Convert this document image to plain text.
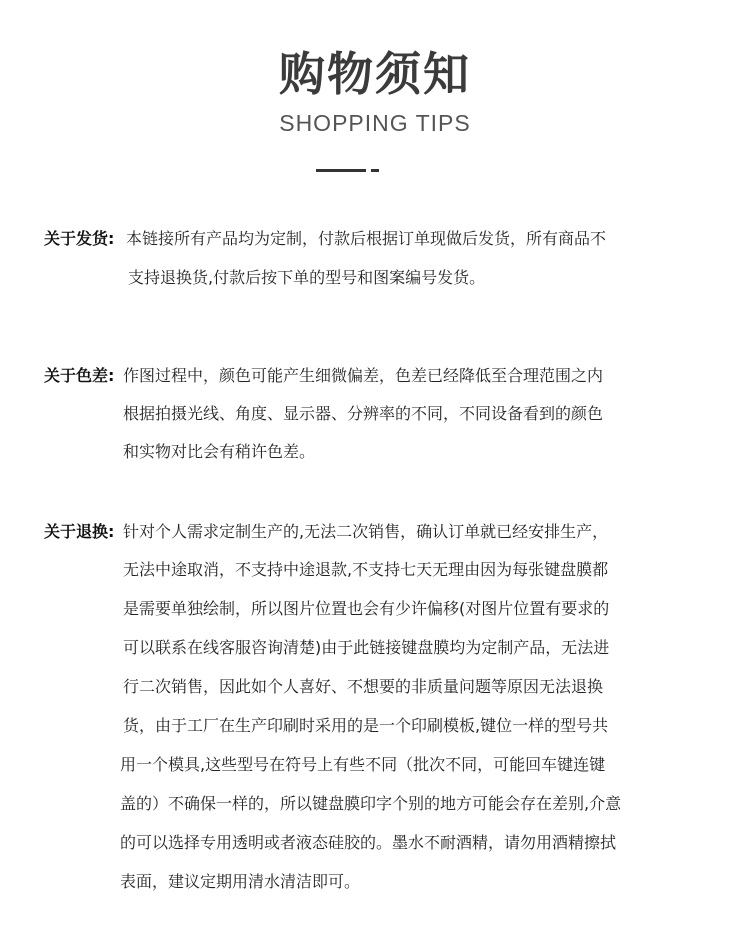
购物须知
SHOPPING TIPS
关于发货: 本链接所有产品均为定制，付款后根据订单现做后发货，所有商品不
支持退换货,付款后按下单的型号和图案编号发货。
关于色差: 作图过程中，颜色可能产生细微偏差，色差已经降低至合理范围之内
根据拍摄光线、角度、显示器、分辨率的不同，不同设备看到的颜色
和实物对比会有稍许色差。
关于退换: 针对个人需求定制生产的,无法二次销售，确认订单就已经安排生产，
无法中途取消，不支持中途退款,不支持七天无理由因为每张键盘膜都
是需要单独绘制，所以图片位置也会有少许偏移(对图片位置有要求的
可以联系在线客服咨询清楚)由于此链接键盘膜均为定制产品，无法进
行二次销售，因此如个人喜好、不想要的非质量问题等原因无法退换
货，由于工厂在生产印刷时采用的是一个印刷模板,键位一样的型号共
用一个模具,这些型号在符号上有些不同（批次不同，可能回车键连键
盖的）不确保一样的，所以键盘膜印字个别的地方可能会存在差别,介意
的可以选择专用透明或者液态硅胶的。墨水不耐酒精，请勿用酒精擦拭
表面，建议定期用清水清洁即可。
